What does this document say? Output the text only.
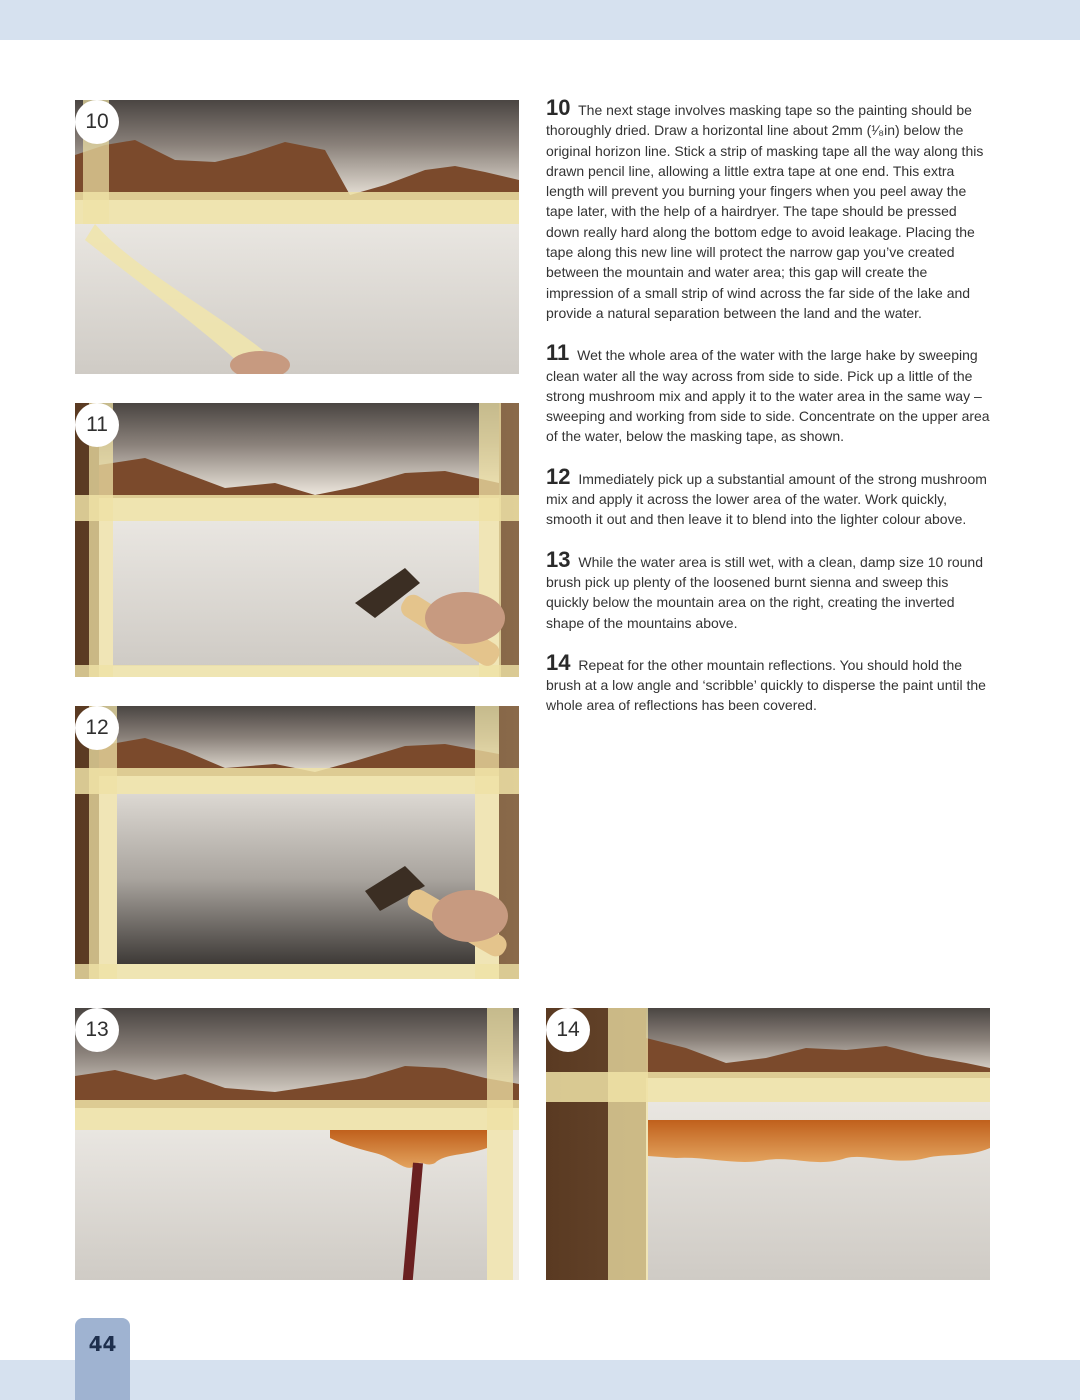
10
11
12
13	14

10 The next stage involves masking tape so the painting should be thoroughly dried. Draw a horizontal line about 2mm (¹⁄₈in) below the original horizon line. Stick a strip of masking tape all the way along this drawn pencil line, allowing a little extra tape at one end. This extra length will prevent you burning your fingers when you peel away the tape later, with the help of a hairdryer. The tape should be pressed down really hard along the bottom edge to avoid leakage. Placing the tape along this new line will protect the narrow gap you’ve created between the mountain and water area; this gap will create the impression of a small strip of wind across the far side of the lake and provide a natural separation between the land and the water.

11 Wet the whole area of the water with the large hake by sweeping clean water all the way across from side to side. Pick up a little of the strong mushroom mix and apply it to the water area in the same way – sweeping and working from side to side. Concentrate on the upper area of the water, below the masking tape, as shown.

12 Immediately pick up a substantial amount of the strong mushroom mix and apply it across the lower area of the water. Work quickly, smooth it out and then leave it to blend into the lighter colour above.

13 While the water area is still wet, with a clean, damp size 10 round brush pick up plenty of the loosened burnt sienna and sweep this quickly below the mountain area on the right, creating the inverted shape of the mountains above.

14 Repeat for the other mountain reflections. You should hold the brush at a low angle and ‘scribble’ quickly to disperse the paint until the whole area of reflections has been covered.

44
